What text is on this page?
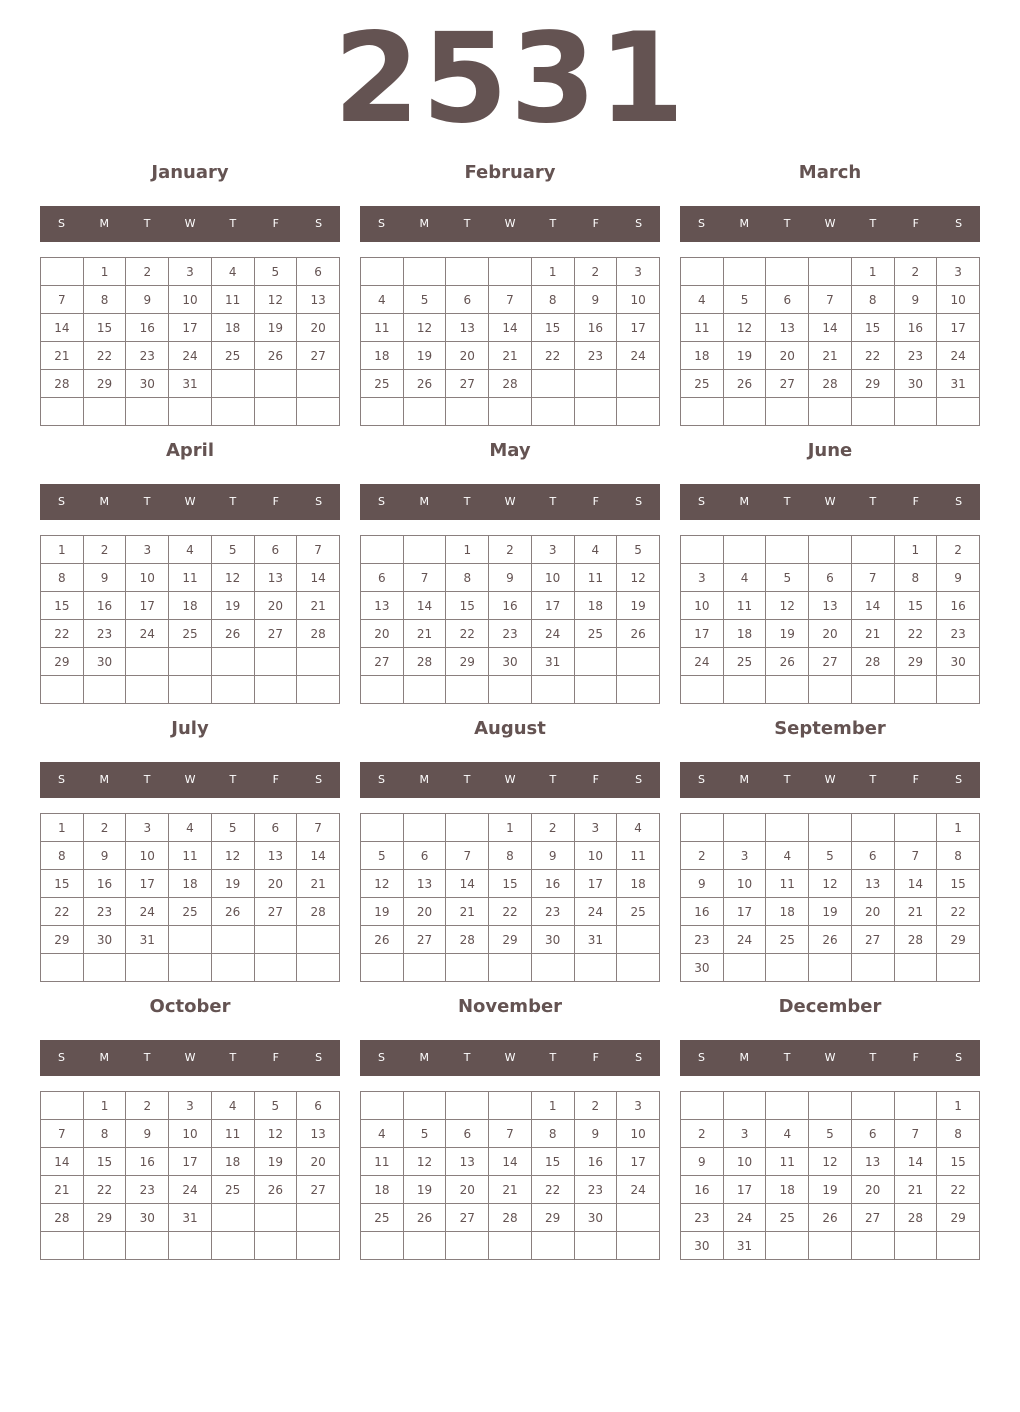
2531
January
S	M	T	W	T	F	S
	1	2	3	4	5	6
7	8	9	10	11	12	13
14	15	16	17	18	19	20
21	22	23	24	25	26	27
28	29	30	31			

February
S	M	T	W	T	F	S
				1	2	3
4	5	6	7	8	9	10
11	12	13	14	15	16	17
18	19	20	21	22	23	24
25	26	27	28			

March
S	M	T	W	T	F	S
				1	2	3
4	5	6	7	8	9	10
11	12	13	14	15	16	17
18	19	20	21	22	23	24
25	26	27	28	29	30	31

April
S	M	T	W	T	F	S
1	2	3	4	5	6	7
8	9	10	11	12	13	14
15	16	17	18	19	20	21
22	23	24	25	26	27	28
29	30					

May
S	M	T	W	T	F	S
		1	2	3	4	5
6	7	8	9	10	11	12
13	14	15	16	17	18	19
20	21	22	23	24	25	26
27	28	29	30	31		

June
S	M	T	W	T	F	S
					1	2
3	4	5	6	7	8	9
10	11	12	13	14	15	16
17	18	19	20	21	22	23
24	25	26	27	28	29	30

July
S	M	T	W	T	F	S
1	2	3	4	5	6	7
8	9	10	11	12	13	14
15	16	17	18	19	20	21
22	23	24	25	26	27	28
29	30	31				

August
S	M	T	W	T	F	S
			1	2	3	4
5	6	7	8	9	10	11
12	13	14	15	16	17	18
19	20	21	22	23	24	25
26	27	28	29	30	31	

September
S	M	T	W	T	F	S
						1
2	3	4	5	6	7	8
9	10	11	12	13	14	15
16	17	18	19	20	21	22
23	24	25	26	27	28	29
30						
October
S	M	T	W	T	F	S
	1	2	3	4	5	6
7	8	9	10	11	12	13
14	15	16	17	18	19	20
21	22	23	24	25	26	27
28	29	30	31			

November
S	M	T	W	T	F	S
				1	2	3
4	5	6	7	8	9	10
11	12	13	14	15	16	17
18	19	20	21	22	23	24
25	26	27	28	29	30	

December
S	M	T	W	T	F	S
						1
2	3	4	5	6	7	8
9	10	11	12	13	14	15
16	17	18	19	20	21	22
23	24	25	26	27	28	29
30	31					
